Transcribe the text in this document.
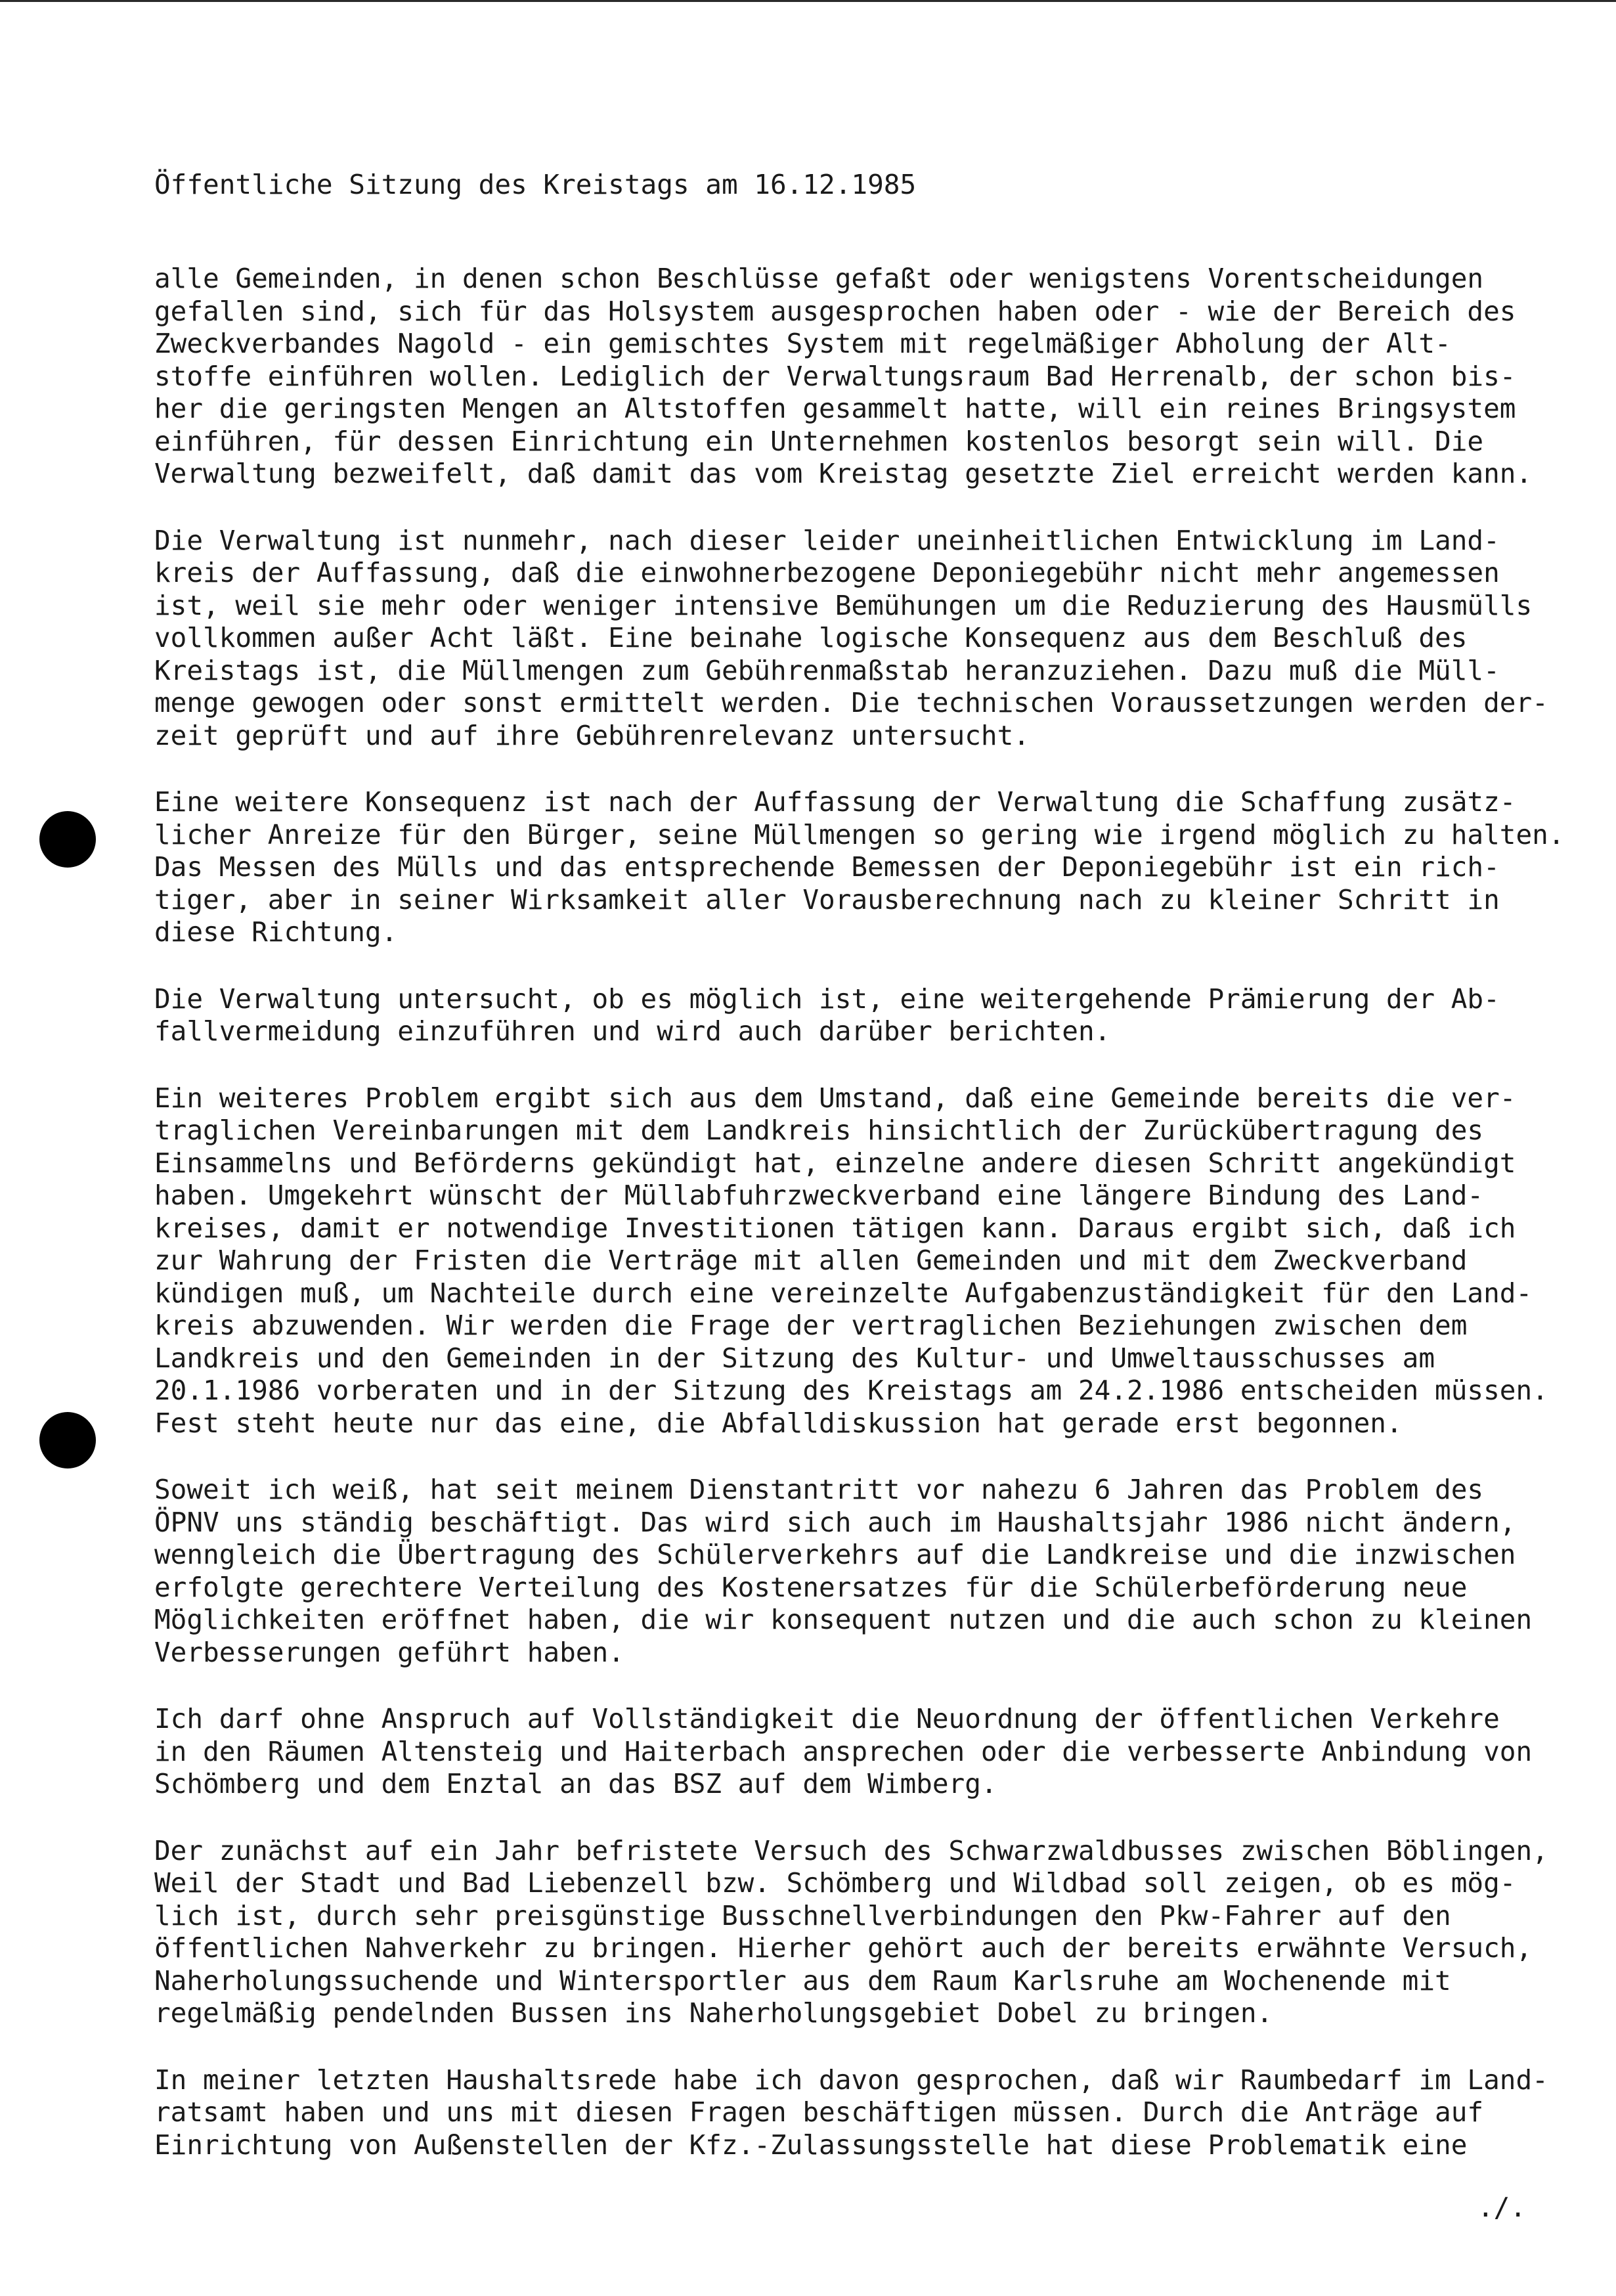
Öffentliche Sitzung des Kreistags am 16.12.1985
alle Gemeinden, in denen schon Beschlüsse gefaßt oder wenigstens Vorentscheidungen
gefallen sind, sich für das Holsystem ausgesprochen haben oder - wie der Bereich des
Zweckverbandes Nagold - ein gemischtes System mit regelmäßiger Abholung der Alt-
stoffe einführen wollen. Lediglich der Verwaltungsraum Bad Herrenalb, der schon bis-
her die geringsten Mengen an Altstoffen gesammelt hatte, will ein reines Bringsystem
einführen, für dessen Einrichtung ein Unternehmen kostenlos besorgt sein will. Die
Verwaltung bezweifelt, daß damit das vom Kreistag gesetzte Ziel erreicht werden kann.
Die Verwaltung ist nunmehr, nach dieser leider uneinheitlichen Entwicklung im Land-
kreis der Auffassung, daß die einwohnerbezogene Deponiegebühr nicht mehr angemessen
ist, weil sie mehr oder weniger intensive Bemühungen um die Reduzierung des Hausmülls
vollkommen außer Acht läßt. Eine beinahe logische Konsequenz aus dem Beschluß des
Kreistags ist, die Müllmengen zum Gebührenmaßstab heranzuziehen. Dazu muß die Müll-
menge gewogen oder sonst ermittelt werden. Die technischen Voraussetzungen werden der-
zeit geprüft und auf ihre Gebührenrelevanz untersucht.
Eine weitere Konsequenz ist nach der Auffassung der Verwaltung die Schaffung zusätz-
licher Anreize für den Bürger, seine Müllmengen so gering wie irgend möglich zu halten.
Das Messen des Mülls und das entsprechende Bemessen der Deponiegebühr ist ein rich-
tiger, aber in seiner Wirksamkeit aller Vorausberechnung nach zu kleiner Schritt in
diese Richtung.
Die Verwaltung untersucht, ob es möglich ist, eine weitergehende Prämierung der Ab-
fallvermeidung einzuführen und wird auch darüber berichten.
Ein weiteres Problem ergibt sich aus dem Umstand, daß eine Gemeinde bereits die ver-
traglichen Vereinbarungen mit dem Landkreis hinsichtlich der Zurückübertragung des
Einsammelns und Beförderns gekündigt hat, einzelne andere diesen Schritt angekündigt
haben. Umgekehrt wünscht der Müllabfuhrzweckverband eine längere Bindung des Land-
kreises, damit er notwendige Investitionen tätigen kann. Daraus ergibt sich, daß ich
zur Wahrung der Fristen die Verträge mit allen Gemeinden und mit dem Zweckverband
kündigen muß, um Nachteile durch eine vereinzelte Aufgabenzuständigkeit für den Land-
kreis abzuwenden. Wir werden die Frage der vertraglichen Beziehungen zwischen dem
Landkreis und den Gemeinden in der Sitzung des Kultur- und Umweltausschusses am
20.1.1986 vorberaten und in der Sitzung des Kreistags am 24.2.1986 entscheiden müssen.
Fest steht heute nur das eine, die Abfalldiskussion hat gerade erst begonnen.
Soweit ich weiß, hat seit meinem Dienstantritt vor nahezu 6 Jahren das Problem des
ÖPNV uns ständig beschäftigt. Das wird sich auch im Haushaltsjahr 1986 nicht ändern,
wenngleich die Übertragung des Schülerverkehrs auf die Landkreise und die inzwischen
erfolgte gerechtere Verteilung des Kostenersatzes für die Schülerbeförderung neue
Möglichkeiten eröffnet haben, die wir konsequent nutzen und die auch schon zu kleinen
Verbesserungen geführt haben.
Ich darf ohne Anspruch auf Vollständigkeit die Neuordnung der öffentlichen Verkehre
in den Räumen Altensteig und Haiterbach ansprechen oder die verbesserte Anbindung von
Schömberg und dem Enztal an das BSZ auf dem Wimberg.
Der zunächst auf ein Jahr befristete Versuch des Schwarzwaldbusses zwischen Böblingen,
Weil der Stadt und Bad Liebenzell bzw. Schömberg und Wildbad soll zeigen, ob es mög-
lich ist, durch sehr preisgünstige Busschnellverbindungen den Pkw-Fahrer auf den
öffentlichen Nahverkehr zu bringen. Hierher gehört auch der bereits erwähnte Versuch,
Naherholungssuchende und Wintersportler aus dem Raum Karlsruhe am Wochenende mit
regelmäßig pendelnden Bussen ins Naherholungsgebiet Dobel zu bringen.
In meiner letzten Haushaltsrede habe ich davon gesprochen, daß wir Raumbedarf im Land-
ratsamt haben und uns mit diesen Fragen beschäftigen müssen. Durch die Anträge auf
Einrichtung von Außenstellen der Kfz.-Zulassungsstelle hat diese Problematik eine
./.
